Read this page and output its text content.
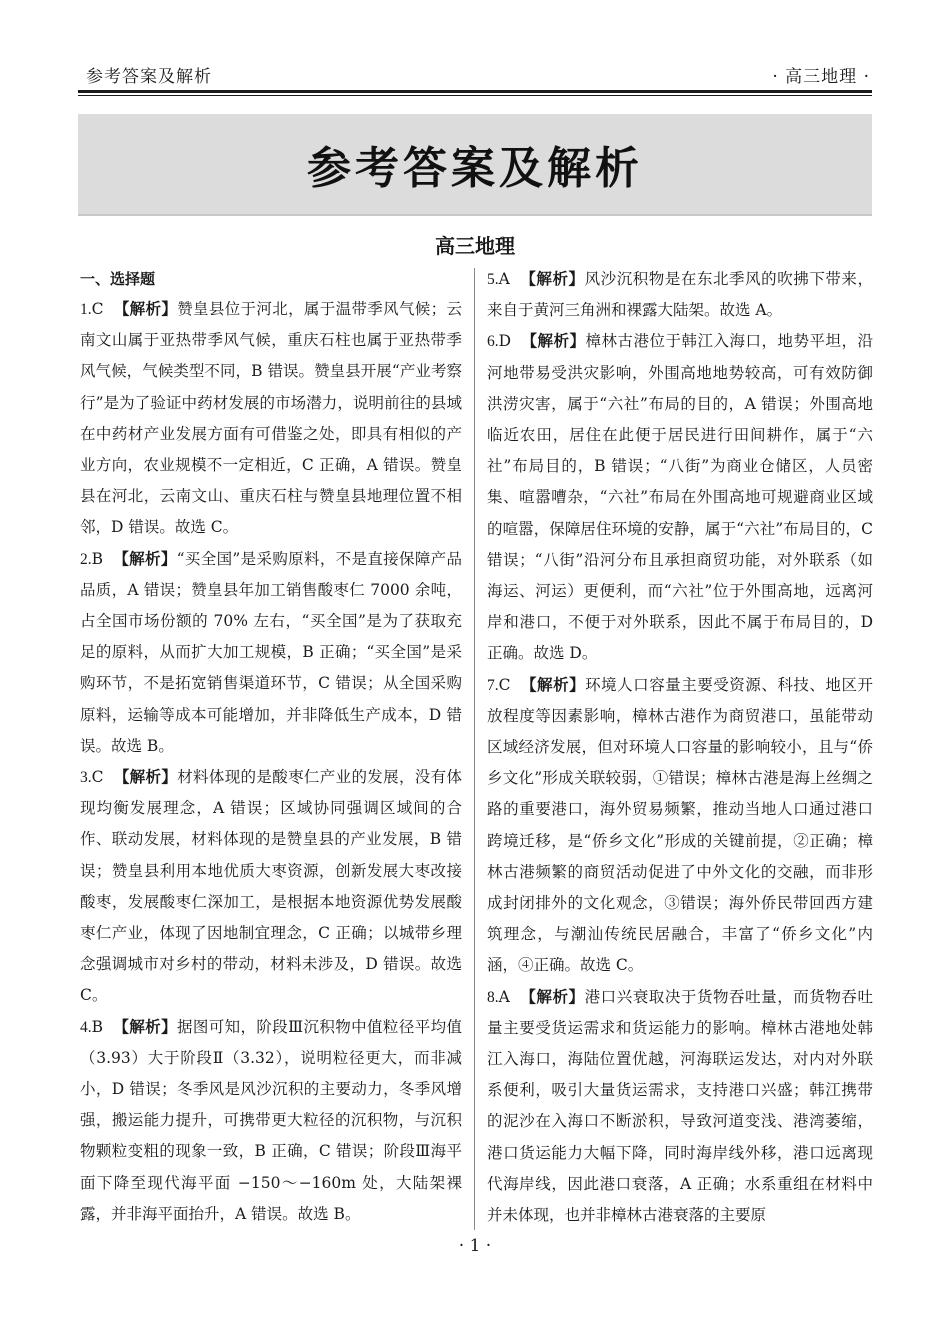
参考答案及解析	· 高三地理 ·
参考答案及解析
高三地理
一、选择题

1.C 【解析】赞皇县位于河北，属于温带季风气候；云南文山属于亚热带季风气候，重庆石柱也属于亚热带季风气候，气候类型不同，B 错误。赞皇县开展“产业考察行”是为了验证中药材发展的市场潜力，说明前往的县域在中药材产业发展方面有可借鉴之处，即具有相似的产业方向，农业规模不一定相近，C 正确，A 错误。赞皇县在河北，云南文山、重庆石柱与赞皇县地理位置不相邻，D 错误。故选 C。

2.B 【解析】“买全国”是采购原料，不是直接保障产品品质，A 错误；赞皇县年加工销售酸枣仁 7000 余吨，占全国市场份额的 70% 左右，“买全国”是为了获取充足的原料，从而扩大加工规模，B 正确；“买全国”是采购环节，不是拓宽销售渠道环节，C 错误；从全国采购原料，运输等成本可能增加，并非降低生产成本，D 错误。故选 B。

3.C 【解析】材料体现的是酸枣仁产业的发展，没有体现均衡发展理念，A 错误；区域协同强调区域间的合作、联动发展，材料体现的是赞皇县的产业发展，B 错误；赞皇县利用本地优质大枣资源，创新发展大枣改接酸枣，发展酸枣仁深加工，是根据本地资源优势发展酸枣仁产业，体现了因地制宜理念，C 正确；以城带乡理念强调城市对乡村的带动，材料未涉及，D 错误。故选 C。

4.B 【解析】据图可知，阶段Ⅲ沉积物中值粒径平均值（3.93）大于阶段Ⅱ（3.32），说明粒径更大，而非减小，D 错误；冬季风是风沙沉积的主要动力，冬季风增强，搬运能力提升，可携带更大粒径的沉积物，与沉积物颗粒变粗的现象一致，B 正确，C 错误；阶段Ⅲ海平面下降至现代海平面 −150～−160m 处，大陆架裸露，并非海平面抬升，A 错误。故选 B。

5.A 【解析】风沙沉积物是在东北季风的吹拂下带来，来自于黄河三角洲和裸露大陆架。故选 A。

6.D 【解析】樟林古港位于韩江入海口，地势平坦，沿河地带易受洪灾影响，外围高地地势较高，可有效防御洪涝灾害，属于“六社”布局的目的，A 错误；外围高地临近农田，居住在此便于居民进行田间耕作，属于“六社”布局目的，B 错误；“八街”为商业仓储区，人员密集、喧嚣嘈杂，“六社”布局在外围高地可规避商业区域的喧嚣，保障居住环境的安静，属于“六社”布局目的，C 错误；“八街”沿河分布且承担商贸功能，对外联系（如海运、河运）更便利，而“六社”位于外围高地，远离河岸和港口，不便于对外联系，因此不属于布局目的，D 正确。故选 D。

7.C 【解析】环境人口容量主要受资源、科技、地区开放程度等因素影响，樟林古港作为商贸港口，虽能带动区域经济发展，但对环境人口容量的影响较小，且与“侨乡文化”形成关联较弱，①错误；樟林古港是海上丝绸之路的重要港口，海外贸易频繁，推动当地人口通过港口跨境迁移，是“侨乡文化”形成的关键前提，②正确；樟林古港频繁的商贸活动促进了中外文化的交融，而非形成封闭排外的文化观念，③错误；海外侨民带回西方建筑理念，与潮汕传统民居融合，丰富了“侨乡文化”内涵，④正确。故选 C。

8.A 【解析】港口兴衰取决于货物吞吐量，而货物吞吐量主要受货运需求和货运能力的影响。樟林古港地处韩江入海口，海陆位置优越，河海联运发达，对内对外联系便利，吸引大量货运需求，支持港口兴盛；韩江携带的泥沙在入海口不断淤积，导致河道变浅、港湾萎缩，港口货运能力大幅下降，同时海岸线外移，港口远离现代海岸线，因此港口衰落，A 正确；水系重组在材料中并未体现，也并非樟林古港衰落的主要原

· 1 ·
